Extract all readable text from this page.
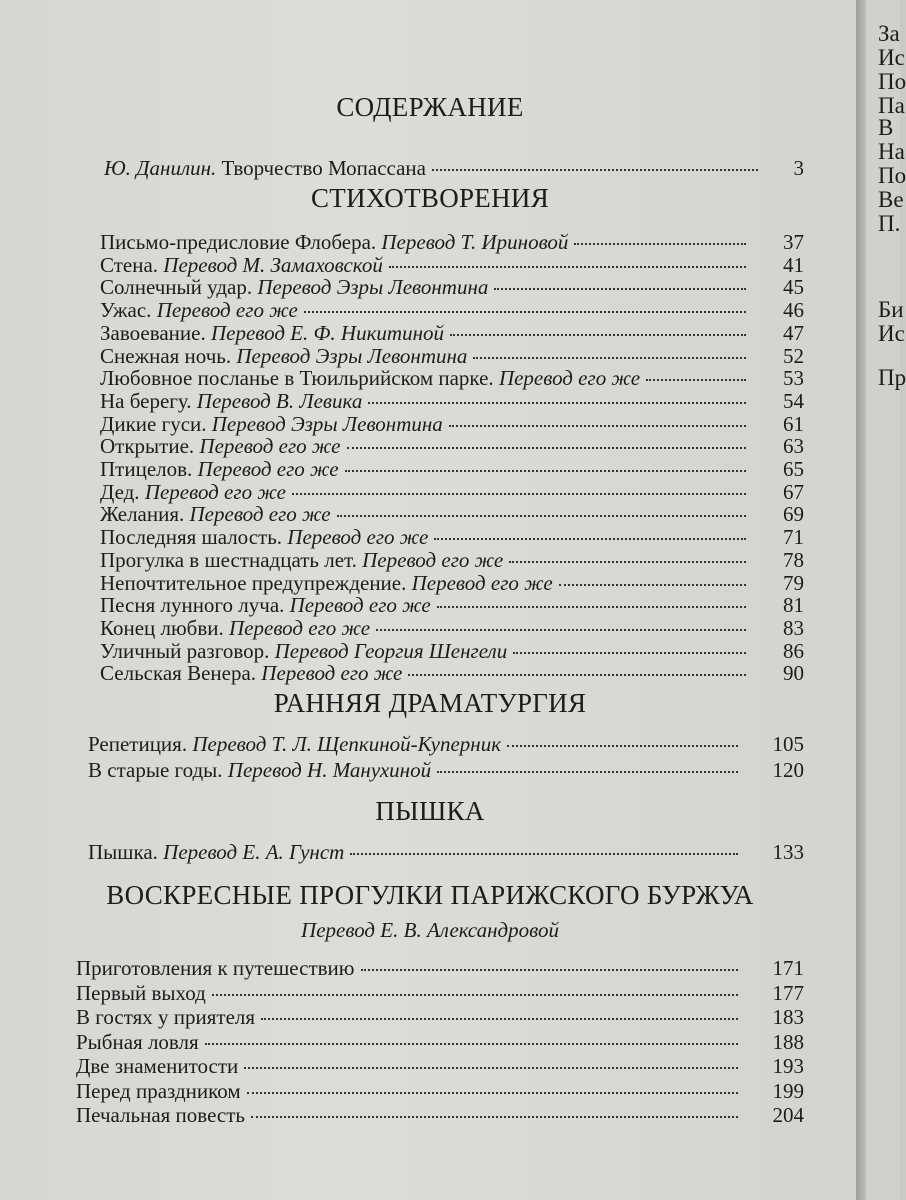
СОДЕРЖАНИЕ
Ю. Данилин. Творчество Мопассана	3
СТИХОТВОРЕНИЯ
Письмо-предисловие Флобера. Перевод Т. Ириновой	37
Стена. Перевод М. Замаховской	41
Солнечный удар. Перевод Эзры Левонтина	45
Ужас. Перевод его же	46
Завоевание. Перевод Е. Ф. Никитиной	47
Снежная ночь. Перевод Эзры Левонтина	52
Любовное посланье в Тюильрийском парке. Перевод его же	53
На берегу. Перевод В. Левика	54
Дикие гуси. Перевод Эзры Левонтина	61
Открытие. Перевод его же	63
Птицелов. Перевод его же	65
Дед. Перевод его же	67
Желания. Перевод его же	69
Последняя шалость. Перевод его же	71
Прогулка в шестнадцать лет. Перевод его же	78
Непочтительное предупреждение. Перевод его же	79
Песня лунного луча. Перевод его же	81
Конец любви. Перевод его же	83
Уличный разговор. Перевод Георгия Шенгели	86
Сельская Венера. Перевод его же	90
РАННЯЯ ДРАМАТУРГИЯ
Репетиция. Перевод Т. Л. Щепкиной-Куперник	105
В старые годы. Перевод Н. Манухиной	120
ПЫШКА
Пышка. Перевод Е. А. Гунст	133
ВОСКРЕСНЫЕ ПРОГУЛКИ ПАРИЖСКОГО БУРЖУА
Перевод Е. В. Александровой
Приготовления к путешествию	171
Первый выход	177
В гостях у приятеля	183
Рыбная ловля	188
Две знаменитости	193
Перед праздником	199
Печальная повесть	204
За
Ис
По
Па
В
На
По
Ве
П.
Би
Ис
Пр
